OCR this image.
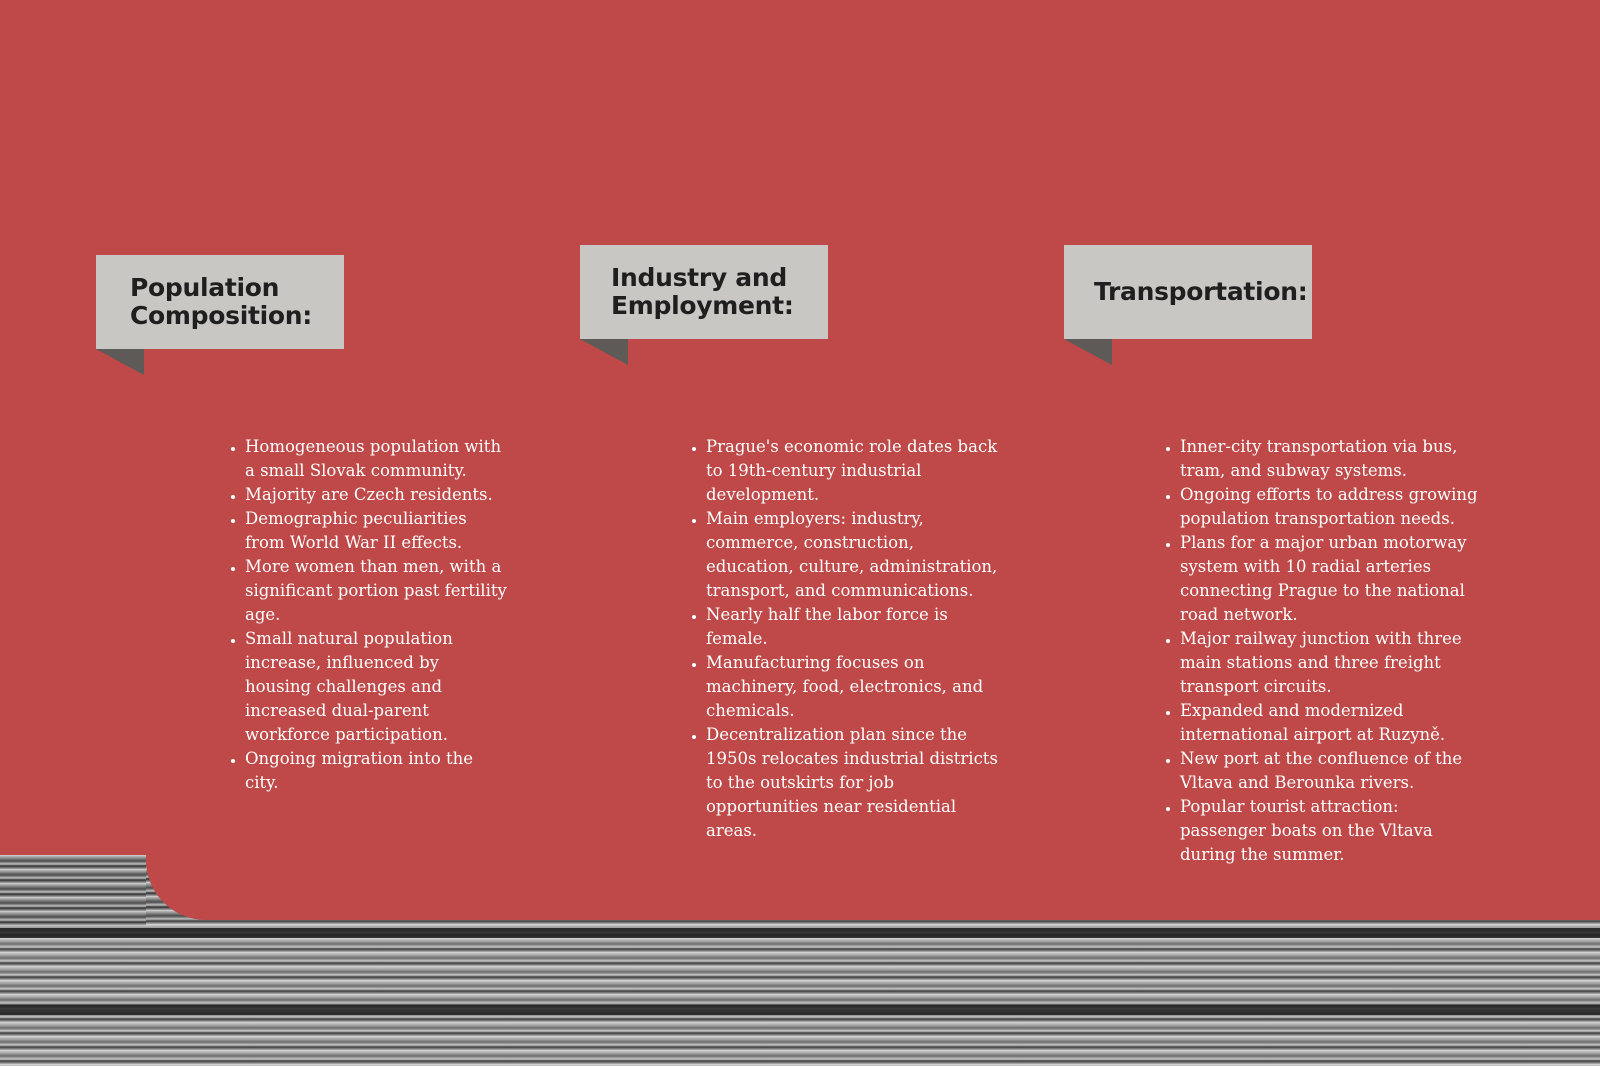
Population Composition:
• Homogeneous population with a small Slovak community.
• Majority are Czech residents.
• Demographic peculiarities from World War II effects.
• More women than men, with a significant portion past fertility age.
• Small natural population increase, influenced by housing challenges and increased dual-parent workforce participation.
• Ongoing migration into the city.
Industry and Employment:
• Prague's economic role dates back to 19th-century industrial development.
• Main employers: industry, commerce, construction, education, culture, administration, transport, and communications.
• Nearly half the labor force is female.
• Manufacturing focuses on machinery, food, electronics, and chemicals.
• Decentralization plan since the 1950s relocates industrial districts to the outskirts for job opportunities near residential areas.
Transportation:
• Inner-city transportation via bus, tram, and subway systems.
• Ongoing efforts to address growing population transportation needs.
• Plans for a major urban motorway system with 10 radial arteries connecting Prague to the national road network.
• Major railway junction with three main stations and three freight transport circuits.
• Expanded and modernized international airport at Ruzyně.
• New port at the confluence of the Vltava and Berounka rivers.
• Popular tourist attraction: passenger boats on the Vltava during the summer.
